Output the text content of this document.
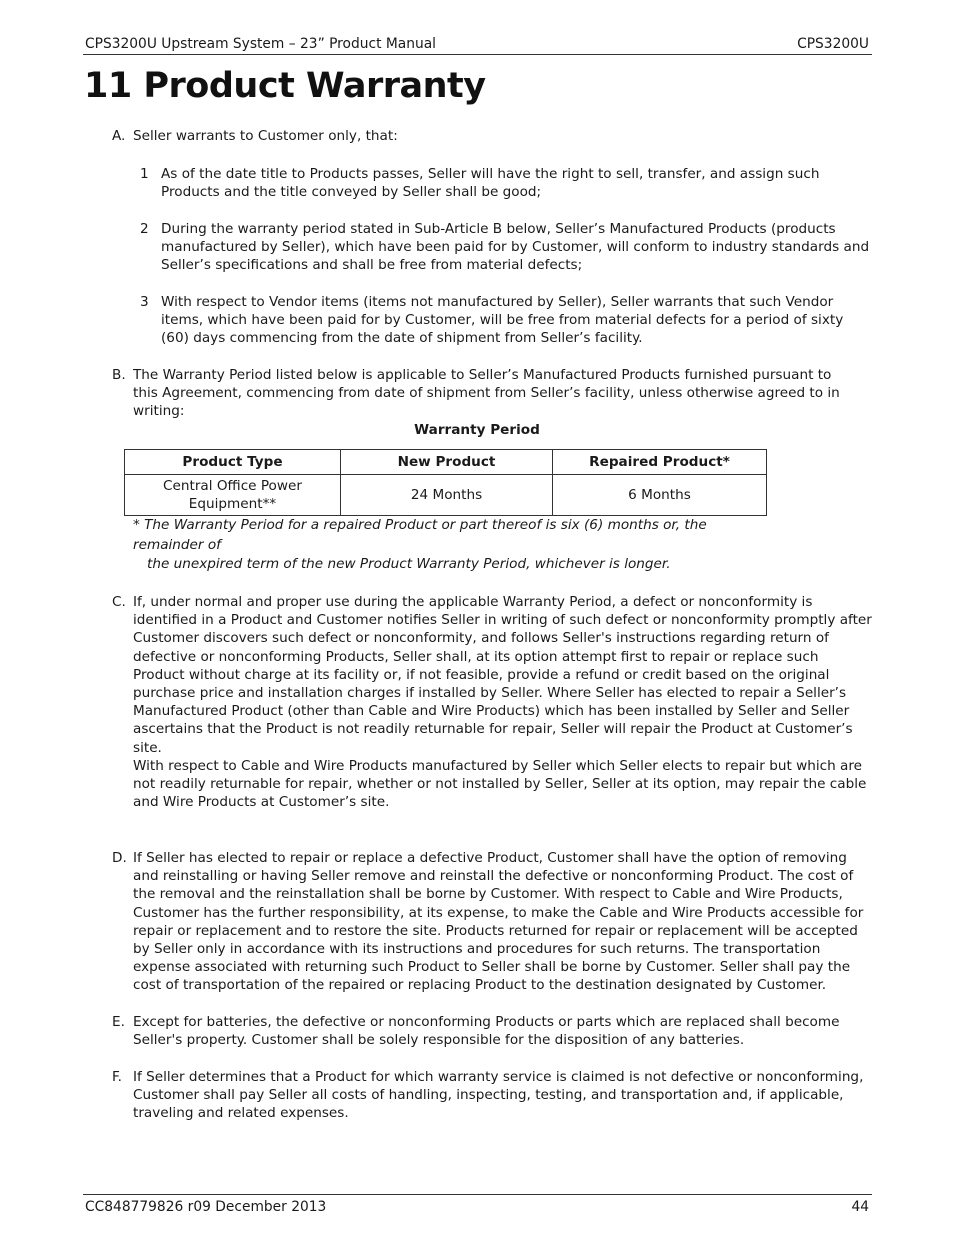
CPS3200U Upstream System – 23” Product Manual	CPS3200U
11 Product Warranty
A. Seller warrants to Customer only, that:
1 As of the date title to Products passes, Seller will have the right to sell, transfer, and assign such Products and the title conveyed by Seller shall be good;
2 During the warranty period stated in Sub-Article B below, Seller’s Manufactured Products (products manufactured by Seller), which have been paid for by Customer, will conform to industry standards and Seller’s specifications and shall be free from material defects;
3 With respect to Vendor items (items not manufactured by Seller), Seller warrants that such Vendor items, which have been paid for by Customer, will be free from material defects for a period of sixty (60) days commencing from the date of shipment from Seller’s facility.
B. The Warranty Period listed below is applicable to Seller’s Manufactured Products furnished pursuant to this Agreement, commencing from date of shipment from Seller’s facility, unless otherwise agreed to in writing:
Warranty Period
Product Type	New Product	Repaired Product*
Central Office Power Equipment**	24 Months	6 Months
* The Warranty Period for a repaired Product or part thereof is six (6) months or, the remainder of
the unexpired term of the new Product Warranty Period, whichever is longer.
C. If, under normal and proper use during the applicable Warranty Period, a defect or nonconformity is identified in a Product and Customer notifies Seller in writing of such defect or nonconformity promptly after Customer discovers such defect or nonconformity, and follows Seller's instructions regarding return of defective or nonconforming Products, Seller shall, at its option attempt first to repair or replace such Product without charge at its facility or, if not feasible, provide a refund or credit based on the original purchase price and installation charges if installed by Seller. Where Seller has elected to repair a Seller’s Manufactured Product (other than Cable and Wire Products) which has been installed by Seller and Seller ascertains that the Product is not readily returnable for repair, Seller will repair the Product at Customer’s site.
With respect to Cable and Wire Products manufactured by Seller which Seller elects to repair but which are not readily returnable for repair, whether or not installed by Seller, Seller at its option, may repair the cable and Wire Products at Customer’s site.
D. If Seller has elected to repair or replace a defective Product, Customer shall have the option of removing and reinstalling or having Seller remove and reinstall the defective or nonconforming Product. The cost of the removal and the reinstallation shall be borne by Customer. With respect to Cable and Wire Products, Customer has the further responsibility, at its expense, to make the Cable and Wire Products accessible for repair or replacement and to restore the site. Products returned for repair or replacement will be accepted by Seller only in accordance with its instructions and procedures for such returns. The transportation expense associated with returning such Product to Seller shall be borne by Customer. Seller shall pay the cost of transportation of the repaired or replacing Product to the destination designated by Customer.
E. Except for batteries, the defective or nonconforming Products or parts which are replaced shall become Seller's property. Customer shall be solely responsible for the disposition of any batteries.
F. If Seller determines that a Product for which warranty service is claimed is not defective or nonconforming, Customer shall pay Seller all costs of handling, inspecting, testing, and transportation and, if applicable, traveling and related expenses.
CC848779826 r09 December 2013	44
